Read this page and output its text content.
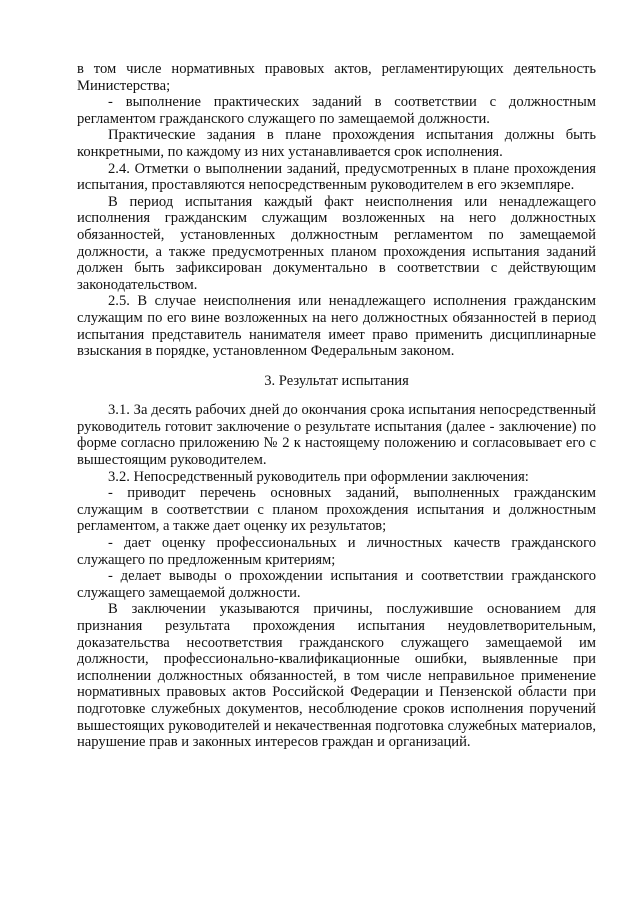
в том числе нормативных правовых актов, регламентирующих деятельность Министерства;

- выполнение практических заданий в соответствии с должностным регламентом гражданского служащего по замещаемой должности.

Практические задания в плане прохождения испытания должны быть конкретными, по каждому из них устанавливается срок исполнения.

2.4. Отметки о выполнении заданий, предусмотренных в плане прохождения испытания, проставляются непосредственным руководителем в его экземпляре.

В период испытания каждый факт неисполнения или ненадлежащего исполнения гражданским служащим возложенных на него должностных обязанностей, установленных должностным регламентом по замещаемой должности, а также предусмотренных планом прохождения испытания заданий должен быть зафиксирован документально в соответствии с действующим законодательством.

2.5. В случае неисполнения или ненадлежащего исполнения гражданским служащим по его вине возложенных на него должностных обязанностей в период испытания представитель нанимателя имеет право применить дисциплинарные взыскания в порядке, установленном Федеральным законом.

3. Результат испытания

3.1. За десять рабочих дней до окончания срока испытания непосредственный руководитель готовит заключение о результате испытания (далее - заключение) по форме согласно приложению № 2 к настоящему положению и согласовывает его с вышестоящим руководителем.

3.2. Непосредственный руководитель при оформлении заключения:

- приводит перечень основных заданий, выполненных гражданским служащим в соответствии с планом прохождения испытания и должностным регламентом, а также дает оценку их результатов;

- дает оценку профессиональных и личностных качеств гражданского служащего по предложенным критериям;

- делает выводы о прохождении испытания и соответствии гражданского служащего замещаемой должности.

В заключении указываются причины, послужившие основанием для признания результата прохождения испытания неудовлетворительным, доказательства несоответствия гражданского служащего замещаемой им должности, профессионально-квалификационные ошибки, выявленные при исполнении должностных обязанностей, в том числе неправильное применение нормативных правовых актов Российской Федерации и Пензенской области при подготовке служебных документов, несоблюдение сроков исполнения поручений вышестоящих руководителей и некачественная подготовка служебных материалов, нарушение прав и законных интересов граждан и организаций.
